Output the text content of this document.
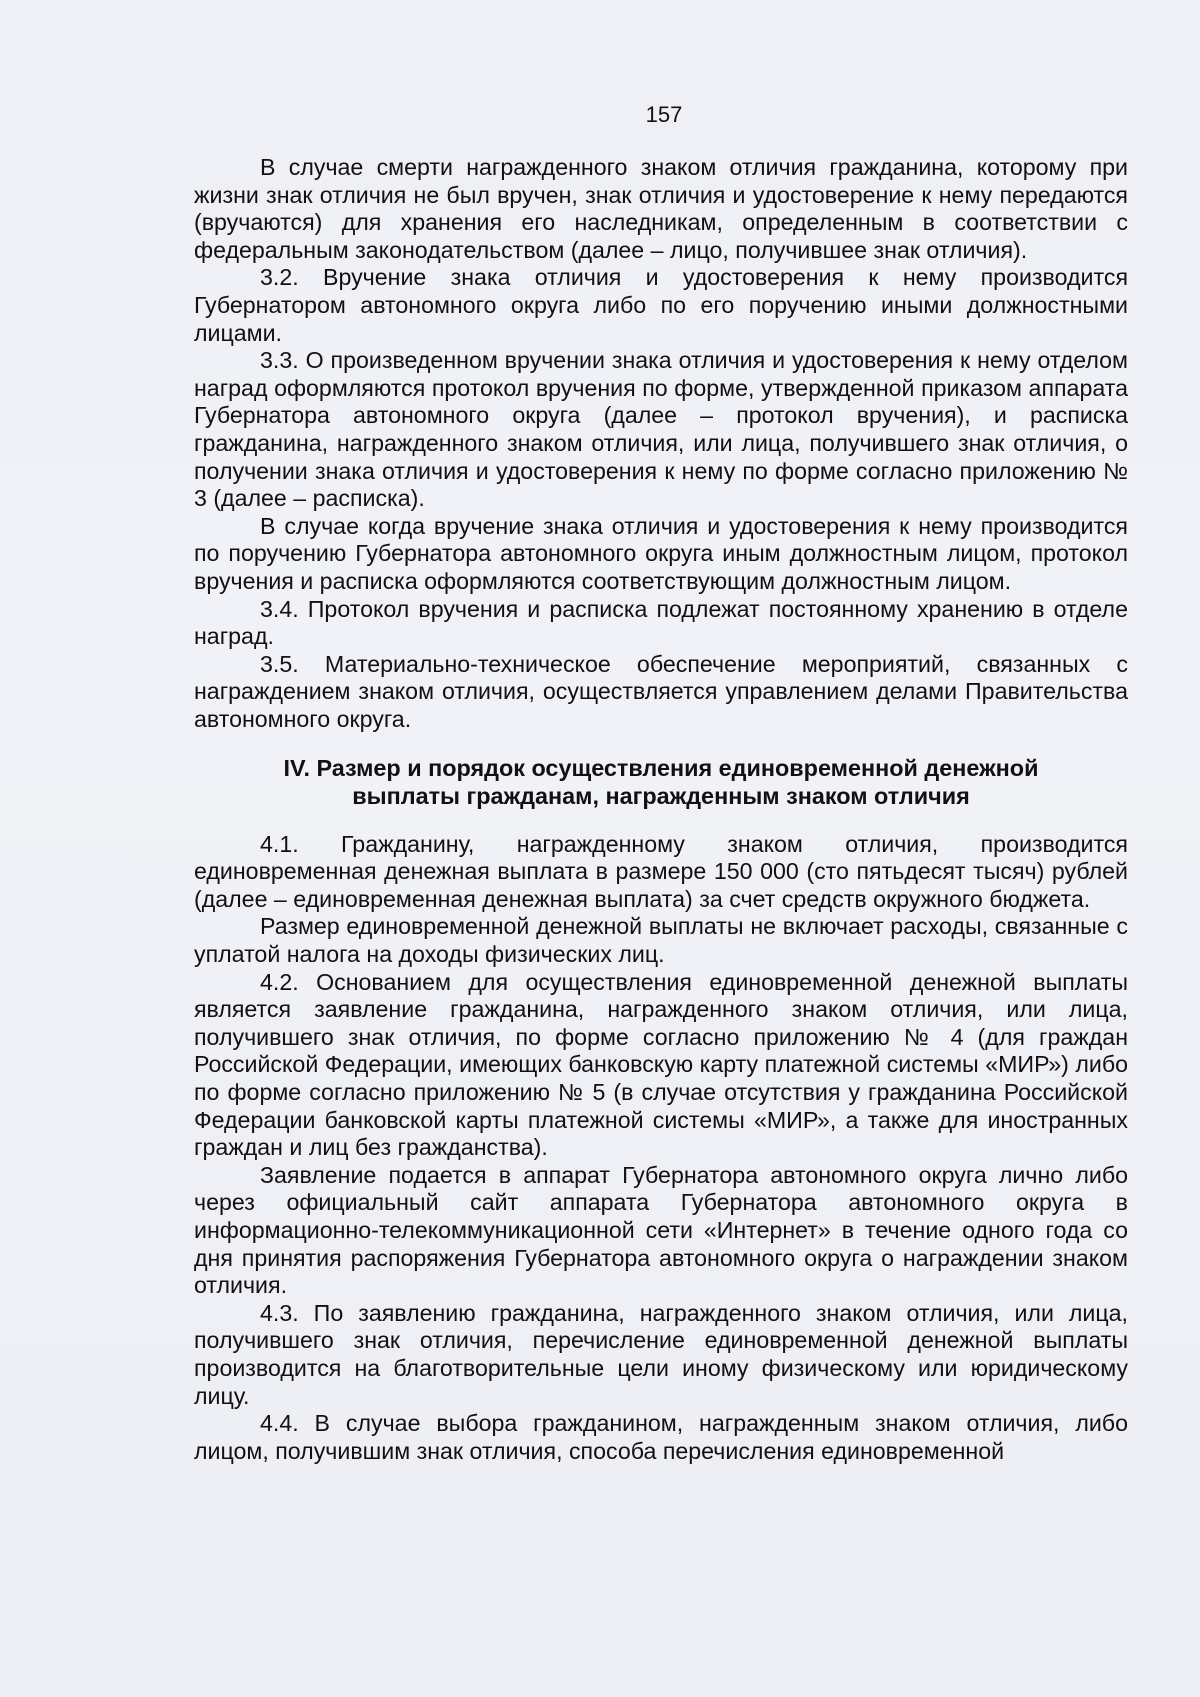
157

В случае смерти награжденного знаком отличия гражданина, которому при жизни знак отличия не был вручен, знак отличия и удостоверение к нему передаются (вручаются) для хранения его наследникам, определенным в соответствии с федеральным законодательством (далее – лицо, получившее знак отличия).

3.2. Вручение знака отличия и удостоверения к нему производится Губернатором автономного округа либо по его поручению иными должностными лицами.

3.3. О произведенном вручении знака отличия и удостоверения к нему отделом наград оформляются протокол вручения по форме, утвержденной приказом аппарата Губернатора автономного округа (далее – протокол вручения), и расписка гражданина, награжденного знаком отличия, или лица, получившего знак отличия, о получении знака отличия и удостоверения к нему по форме согласно приложению № 3 (далее – расписка).

В случае когда вручение знака отличия и удостоверения к нему производится по поручению Губернатора автономного округа иным должностным лицом, протокол вручения и расписка оформляются соответствующим должностным лицом.

3.4. Протокол вручения и расписка подлежат постоянному хранению в отделе наград.

3.5. Материально-техническое обеспечение мероприятий, связанных с награждением знаком отличия, осуществляется управлением делами Правительства автономного округа.

IV. Размер и порядок осуществления единовременной денежной выплаты гражданам, награжденным знаком отличия

4.1. Гражданину, награжденному знаком отличия, производится единовременная денежная выплата в размере 150 000 (сто пятьдесят тысяч) рублей (далее – единовременная денежная выплата) за счет средств окружного бюджета.

Размер единовременной денежной выплаты не включает расходы, связанные с уплатой налога на доходы физических лиц.

4.2. Основанием для осуществления единовременной денежной выплаты является заявление гражданина, награжденного знаком отличия, или лица, получившего знак отличия, по форме согласно приложению № 4 (для граждан Российской Федерации, имеющих банковскую карту платежной системы «МИР») либо по форме согласно приложению № 5 (в случае отсутствия у гражданина Российской Федерации банковской карты платежной системы «МИР», а также для иностранных граждан и лиц без гражданства).

Заявление подается в аппарат Губернатора автономного округа лично либо через официальный сайт аппарата Губернатора автономного округа в информационно-телекоммуникационной сети «Интернет» в течение одного года со дня принятия распоряжения Губернатора автономного округа о награждении знаком отличия.

4.3. По заявлению гражданина, награжденного знаком отличия, или лица, получившего знак отличия, перечисление единовременной денежной выплаты производится на благотворительные цели иному физическому или юридическому лицу.

4.4. В случае выбора гражданином, награжденным знаком отличия, либо лицом, получившим знак отличия, способа перечисления единовременной
